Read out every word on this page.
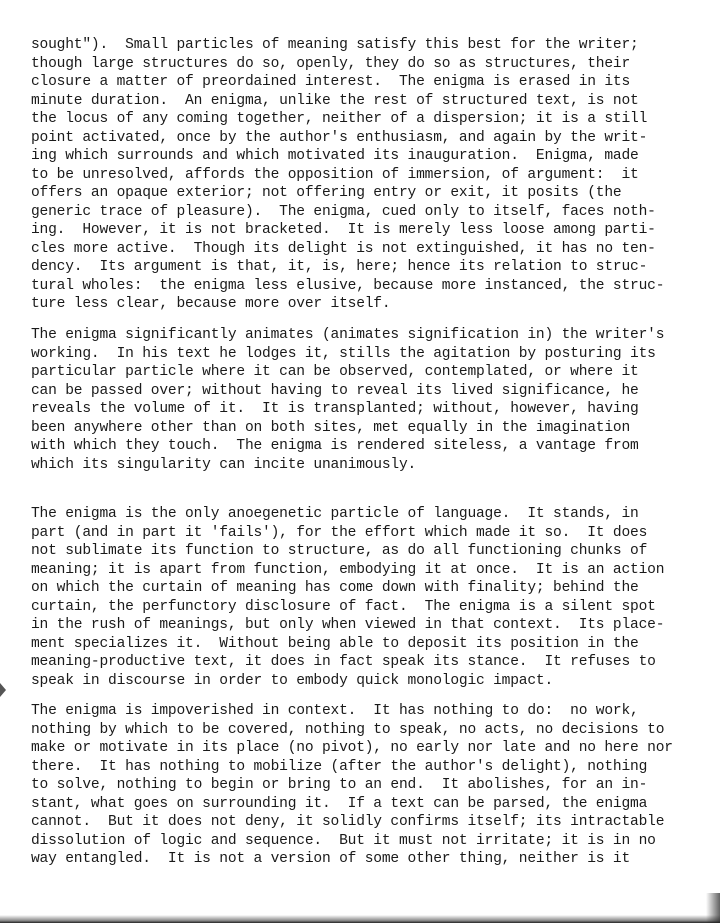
sought").  Small particles of meaning satisfy this best for the writer;
though large structures do so, openly, they do so as structures, their
closure a matter of preordained interest.  The enigma is erased in its
minute duration.  An enigma, unlike the rest of structured text, is not
the locus of any coming together, neither of a dispersion; it is a still
point activated, once by the author's enthusiasm, and again by the writ-
ing which surrounds and which motivated its inauguration.  Enigma, made
to be unresolved, affords the opposition of immersion, of argument:  it
offers an opaque exterior; not offering entry or exit, it posits (the
generic trace of pleasure).  The enigma, cued only to itself, faces noth-
ing.  However, it is not bracketed.  It is merely less loose among parti-
cles more active.  Though its delight is not extinguished, it has no ten-
dency.  Its argument is that, it, is, here; hence its relation to struc-
tural wholes:  the enigma less elusive, because more instanced, the struc-
ture less clear, because more over itself.
The enigma significantly animates (animates signification in) the writer's
working.  In his text he lodges it, stills the agitation by posturing its
particular particle where it can be observed, contemplated, or where it
can be passed over; without having to reveal its lived significance, he
reveals the volume of it.  It is transplanted; without, however, having
been anywhere other than on both sites, met equally in the imagination
with which they touch.  The enigma is rendered siteless, a vantage from
which its singularity can incite unanimously.
The enigma is the only anoegenetic particle of language.  It stands, in
part (and in part it 'fails'), for the effort which made it so.  It does
not sublimate its function to structure, as do all functioning chunks of
meaning; it is apart from function, embodying it at once.  It is an action
on which the curtain of meaning has come down with finality; behind the
curtain, the perfunctory disclosure of fact.  The enigma is a silent spot
in the rush of meanings, but only when viewed in that context.  Its place-
ment specializes it.  Without being able to deposit its position in the
meaning-productive text, it does in fact speak its stance.  It refuses to
speak in discourse in order to embody quick monologic impact.
The enigma is impoverished in context.  It has nothing to do:  no work,
nothing by which to be covered, nothing to speak, no acts, no decisions to
make or motivate in its place (no pivot), no early nor late and no here nor
there.  It has nothing to mobilize (after the author's delight), nothing
to solve, nothing to begin or bring to an end.  It abolishes, for an in-
stant, what goes on surrounding it.  If a text can be parsed, the enigma
cannot.  But it does not deny, it solidly confirms itself; its intractable
dissolution of logic and sequence.  But it must not irritate; it is in no
way entangled.  It is not a version of some other thing, neither is it
